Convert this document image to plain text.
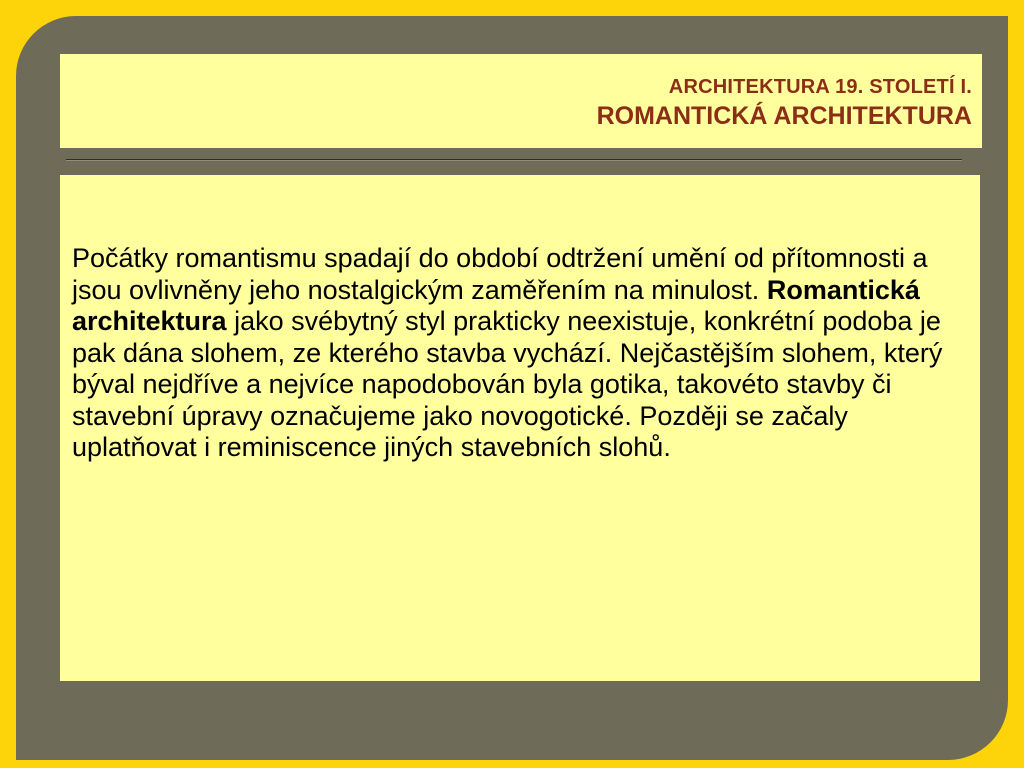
ARCHITEKTURA 19. STOLETÍ I.
ROMANTICKÁ ARCHITEKTURA

Počátky romantismu spadají do období odtržení umění od přítomnosti a jsou ovlivněny jeho nostalgickým zaměřením na minulost. Romantická architektura jako svébytný styl prakticky neexistuje, konkrétní podoba je pak dána slohem, ze kterého stavba vychází. Nejčastějším slohem, který býval nejdříve a nejvíce napodobován byla gotika, takovéto stavby či stavební úpravy označujeme jako novogotické. Později se začaly uplatňovat i reminiscence jiných stavebních slohů.
